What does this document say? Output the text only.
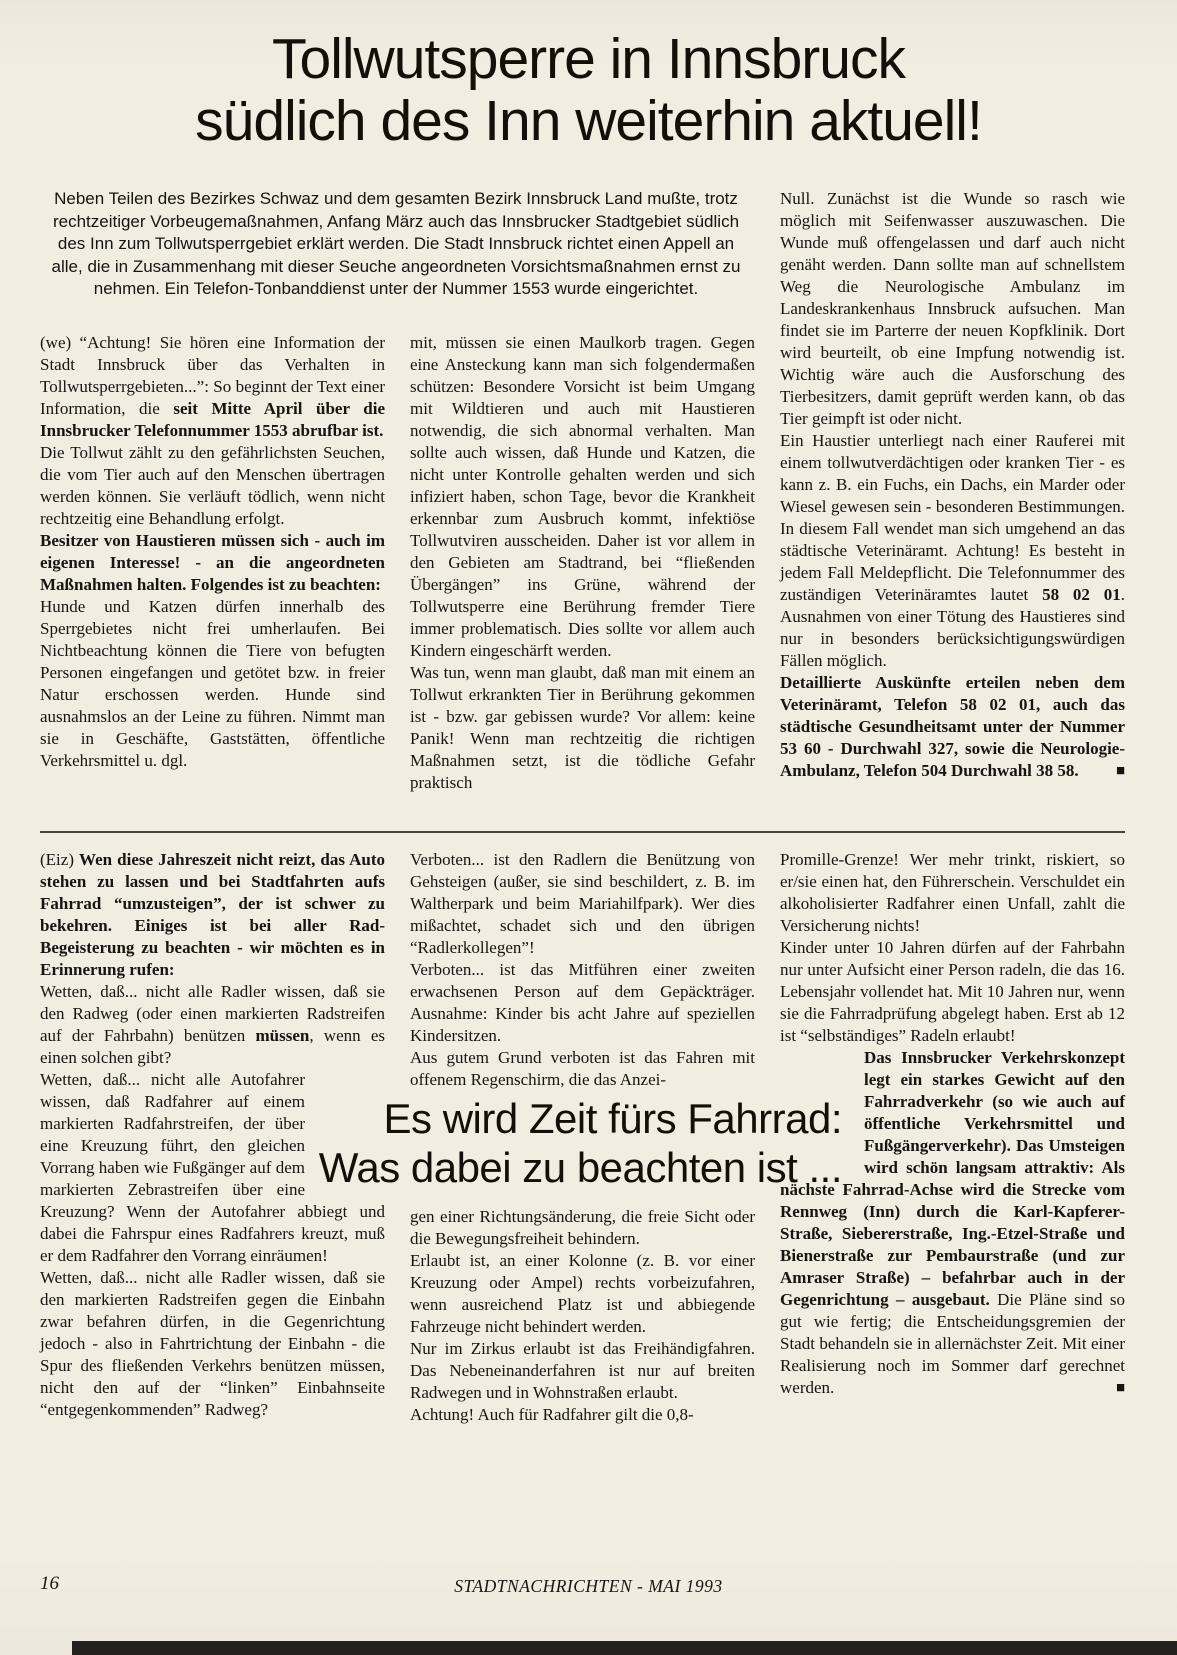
Tollwutsperre in Innsbruck
südlich des Inn weiterhin aktuell!
Neben Teilen des Bezirkes Schwaz und dem gesamten Bezirk Innsbruck Land mußte, trotz rechtzeitiger Vorbeugemaßnahmen, Anfang März auch das Innsbrucker Stadtgebiet südlich des Inn zum Tollwutsperrgebiet erklärt werden. Die Stadt Innsbruck richtet einen Appell an alle, die in Zusammenhang mit dieser Seuche angeordneten Vorsichtsmaßnahmen ernst zu nehmen. Ein Telefon-Tonbanddienst unter der Nummer 1553 wurde eingerichtet.

(we) “Achtung! Sie hören eine Information der Stadt Innsbruck über das Verhalten in Tollwutsperrgebieten...”: So beginnt der Text einer Information, die seit Mitte April über die Innsbrucker Telefonnummer 1553 abrufbar ist.

Die Tollwut zählt zu den gefährlichsten Seuchen, die vom Tier auch auf den Menschen übertragen werden können. Sie verläuft tödlich, wenn nicht rechtzeitig eine Behandlung erfolgt.

Besitzer von Haustieren müssen sich - auch im eigenen Interesse! - an die angeordneten Maßnahmen halten. Folgendes ist zu beachten:

Hunde und Katzen dürfen innerhalb des Sperrgebietes nicht frei umherlaufen. Bei Nichtbeachtung können die Tiere von befugten Personen eingefangen und getötet bzw. in freier Natur erschossen werden. Hunde sind ausnahmslos an der Leine zu führen. Nimmt man sie in Geschäfte, Gaststätten, öffentliche Verkehrsmittel u. dgl.

mit, müssen sie einen Maulkorb tragen. Gegen eine Ansteckung kann man sich folgendermaßen schützen: Besondere Vorsicht ist beim Umgang mit Wildtieren und auch mit Haustieren notwendig, die sich abnormal verhalten. Man sollte auch wissen, daß Hunde und Katzen, die nicht unter Kontrolle gehalten werden und sich infiziert haben, schon Tage, bevor die Krankheit erkennbar zum Ausbruch kommt, infektiöse Tollwutviren ausscheiden. Daher ist vor allem in den Gebieten am Stadtrand, bei “fließenden Übergängen” ins Grüne, während der Tollwutsperre eine Berührung fremder Tiere immer problematisch. Dies sollte vor allem auch Kindern eingeschärft werden.

Was tun, wenn man glaubt, daß man mit einem an Tollwut erkrankten Tier in Berührung gekommen ist - bzw. gar gebissen wurde? Vor allem: keine Panik! Wenn man rechtzeitig die richtigen Maßnahmen setzt, ist die tödliche Gefahr praktisch

Null. Zunächst ist die Wunde so rasch wie möglich mit Seifenwasser auszuwaschen. Die Wunde muß offengelassen und darf auch nicht genäht werden. Dann sollte man auf schnellstem Weg die Neurologische Ambulanz im Landeskrankenhaus Innsbruck aufsuchen. Man findet sie im Parterre der neuen Kopfklinik. Dort wird beurteilt, ob eine Impfung notwendig ist. Wichtig wäre auch die Ausforschung des Tierbesitzers, damit geprüft werden kann, ob das Tier geimpft ist oder nicht.

Ein Haustier unterliegt nach einer Rauferei mit einem tollwutverdächtigen oder kranken Tier - es kann z. B. ein Fuchs, ein Dachs, ein Marder oder Wiesel gewesen sein - besonderen Bestimmungen. In diesem Fall wendet man sich umgehend an das städtische Veterinäramt. Achtung! Es besteht in jedem Fall Meldepflicht. Die Telefonnummer des zuständigen Veterinäramtes lautet 58 02 01. Ausnahmen von einer Tötung des Haustieres sind nur in besonders berücksichtigungswürdigen Fällen möglich.

Detaillierte Auskünfte erteilen neben dem Veterinäramt, Telefon 58 02 01, auch das städtische Gesundheitsamt unter der Nummer 53 60 - Durchwahl 327, sowie die Neurologie-Ambulanz, Telefon 504 Durchwahl 38 58.	■

(Eiz) Wen diese Jahreszeit nicht reizt, das Auto stehen zu lassen und bei Stadtfahrten aufs Fahrrad “umzusteigen”, der ist schwer zu bekehren. Einiges ist bei aller Rad-Begeisterung zu beachten - wir möchten es in Erinnerung rufen:

Wetten, daß... nicht alle Radler wissen, daß sie den Radweg (oder einen markierten Radstreifen auf der Fahrbahn) benützen müssen, wenn es einen solchen gibt?

Wetten, daß... nicht alle Autofahrer wissen, daß Radfahrer auf einem markierten Radfahrstreifen, der über eine Kreuzung führt, den gleichen Vorrang haben wie Fußgänger auf dem markierten Zebrastreifen über eine Kreuzung? Wenn der Autofahrer abbiegt und dabei die Fahrspur eines Radfahrers kreuzt, muß er dem Radfahrer den Vorrang einräumen!

Wetten, daß... nicht alle Radler wissen, daß sie den markierten Radstreifen gegen die Einbahn zwar befahren dürfen, in die Gegenrichtung jedoch - also in Fahrtrichtung der Einbahn - die Spur des fließenden Verkehrs benützen müssen, nicht den auf der “linken” Einbahnseite “entgegenkommenden” Radweg?

Verboten... ist den Radlern die Benützung von Gehsteigen (außer, sie sind beschildert, z. B. im Waltherpark und beim Mariahilfpark). Wer dies mißachtet, schadet sich und den übrigen “Radlerkollegen”!

Verboten... ist das Mitführen einer zweiten erwachsenen Person auf dem Gepäckträger. Ausnahme: Kinder bis acht Jahre auf speziellen Kindersitzen.

Aus gutem Grund verboten ist das Fahren mit offenem Regenschirm, die das Anzei-

Es wird Zeit fürs Fahrrad:
Was dabei zu beachten ist ...

gen einer Richtungsänderung, die freie Sicht oder die Bewegungsfreiheit behindern.

Erlaubt ist, an einer Kolonne (z. B. vor einer Kreuzung oder Ampel) rechts vorbeizufahren, wenn ausreichend Platz ist und abbiegende Fahrzeuge nicht behindert werden.

Nur im Zirkus erlaubt ist das Freihändigfahren. Das Nebeneinanderfahren ist nur auf breiten Radwegen und in Wohnstraßen erlaubt.

Achtung! Auch für Radfahrer gilt die 0,8-

Promille-Grenze! Wer mehr trinkt, riskiert, so er/sie einen hat, den Führerschein. Verschuldet ein alkoholisierter Radfahrer einen Unfall, zahlt die Versicherung nichts!

Kinder unter 10 Jahren dürfen auf der Fahrbahn nur unter Aufsicht einer Person radeln, die das 16. Lebensjahr vollendet hat. Mit 10 Jahren nur, wenn sie die Fahrradprüfung abgelegt haben. Erst ab 12 ist “selbständiges” Radeln erlaubt!

Das Innsbrucker Verkehrskonzept legt ein starkes Gewicht auf den Fahrradverkehr (so wie auch auf öffentliche Verkehrsmittel und Fußgängerverkehr). Das Umsteigen wird schön langsam attraktiv: Als nächste Fahrrad-Achse wird die Strecke vom Rennweg (Inn) durch die Karl-Kapferer-Straße, Siebererstraße, Ing.-Etzel-Straße und Bienerstraße zur Pembaurstraße (und zur Amraser Straße) – befahrbar auch in der Gegenrichtung – ausgebaut. Die Pläne sind so gut wie fertig; die Entscheidungsgremien der Stadt behandeln sie in allernächster Zeit. Mit einer Realisierung noch im Sommer darf gerechnet werden.	■
16	STADTNACHRICHTEN - MAI 1993
